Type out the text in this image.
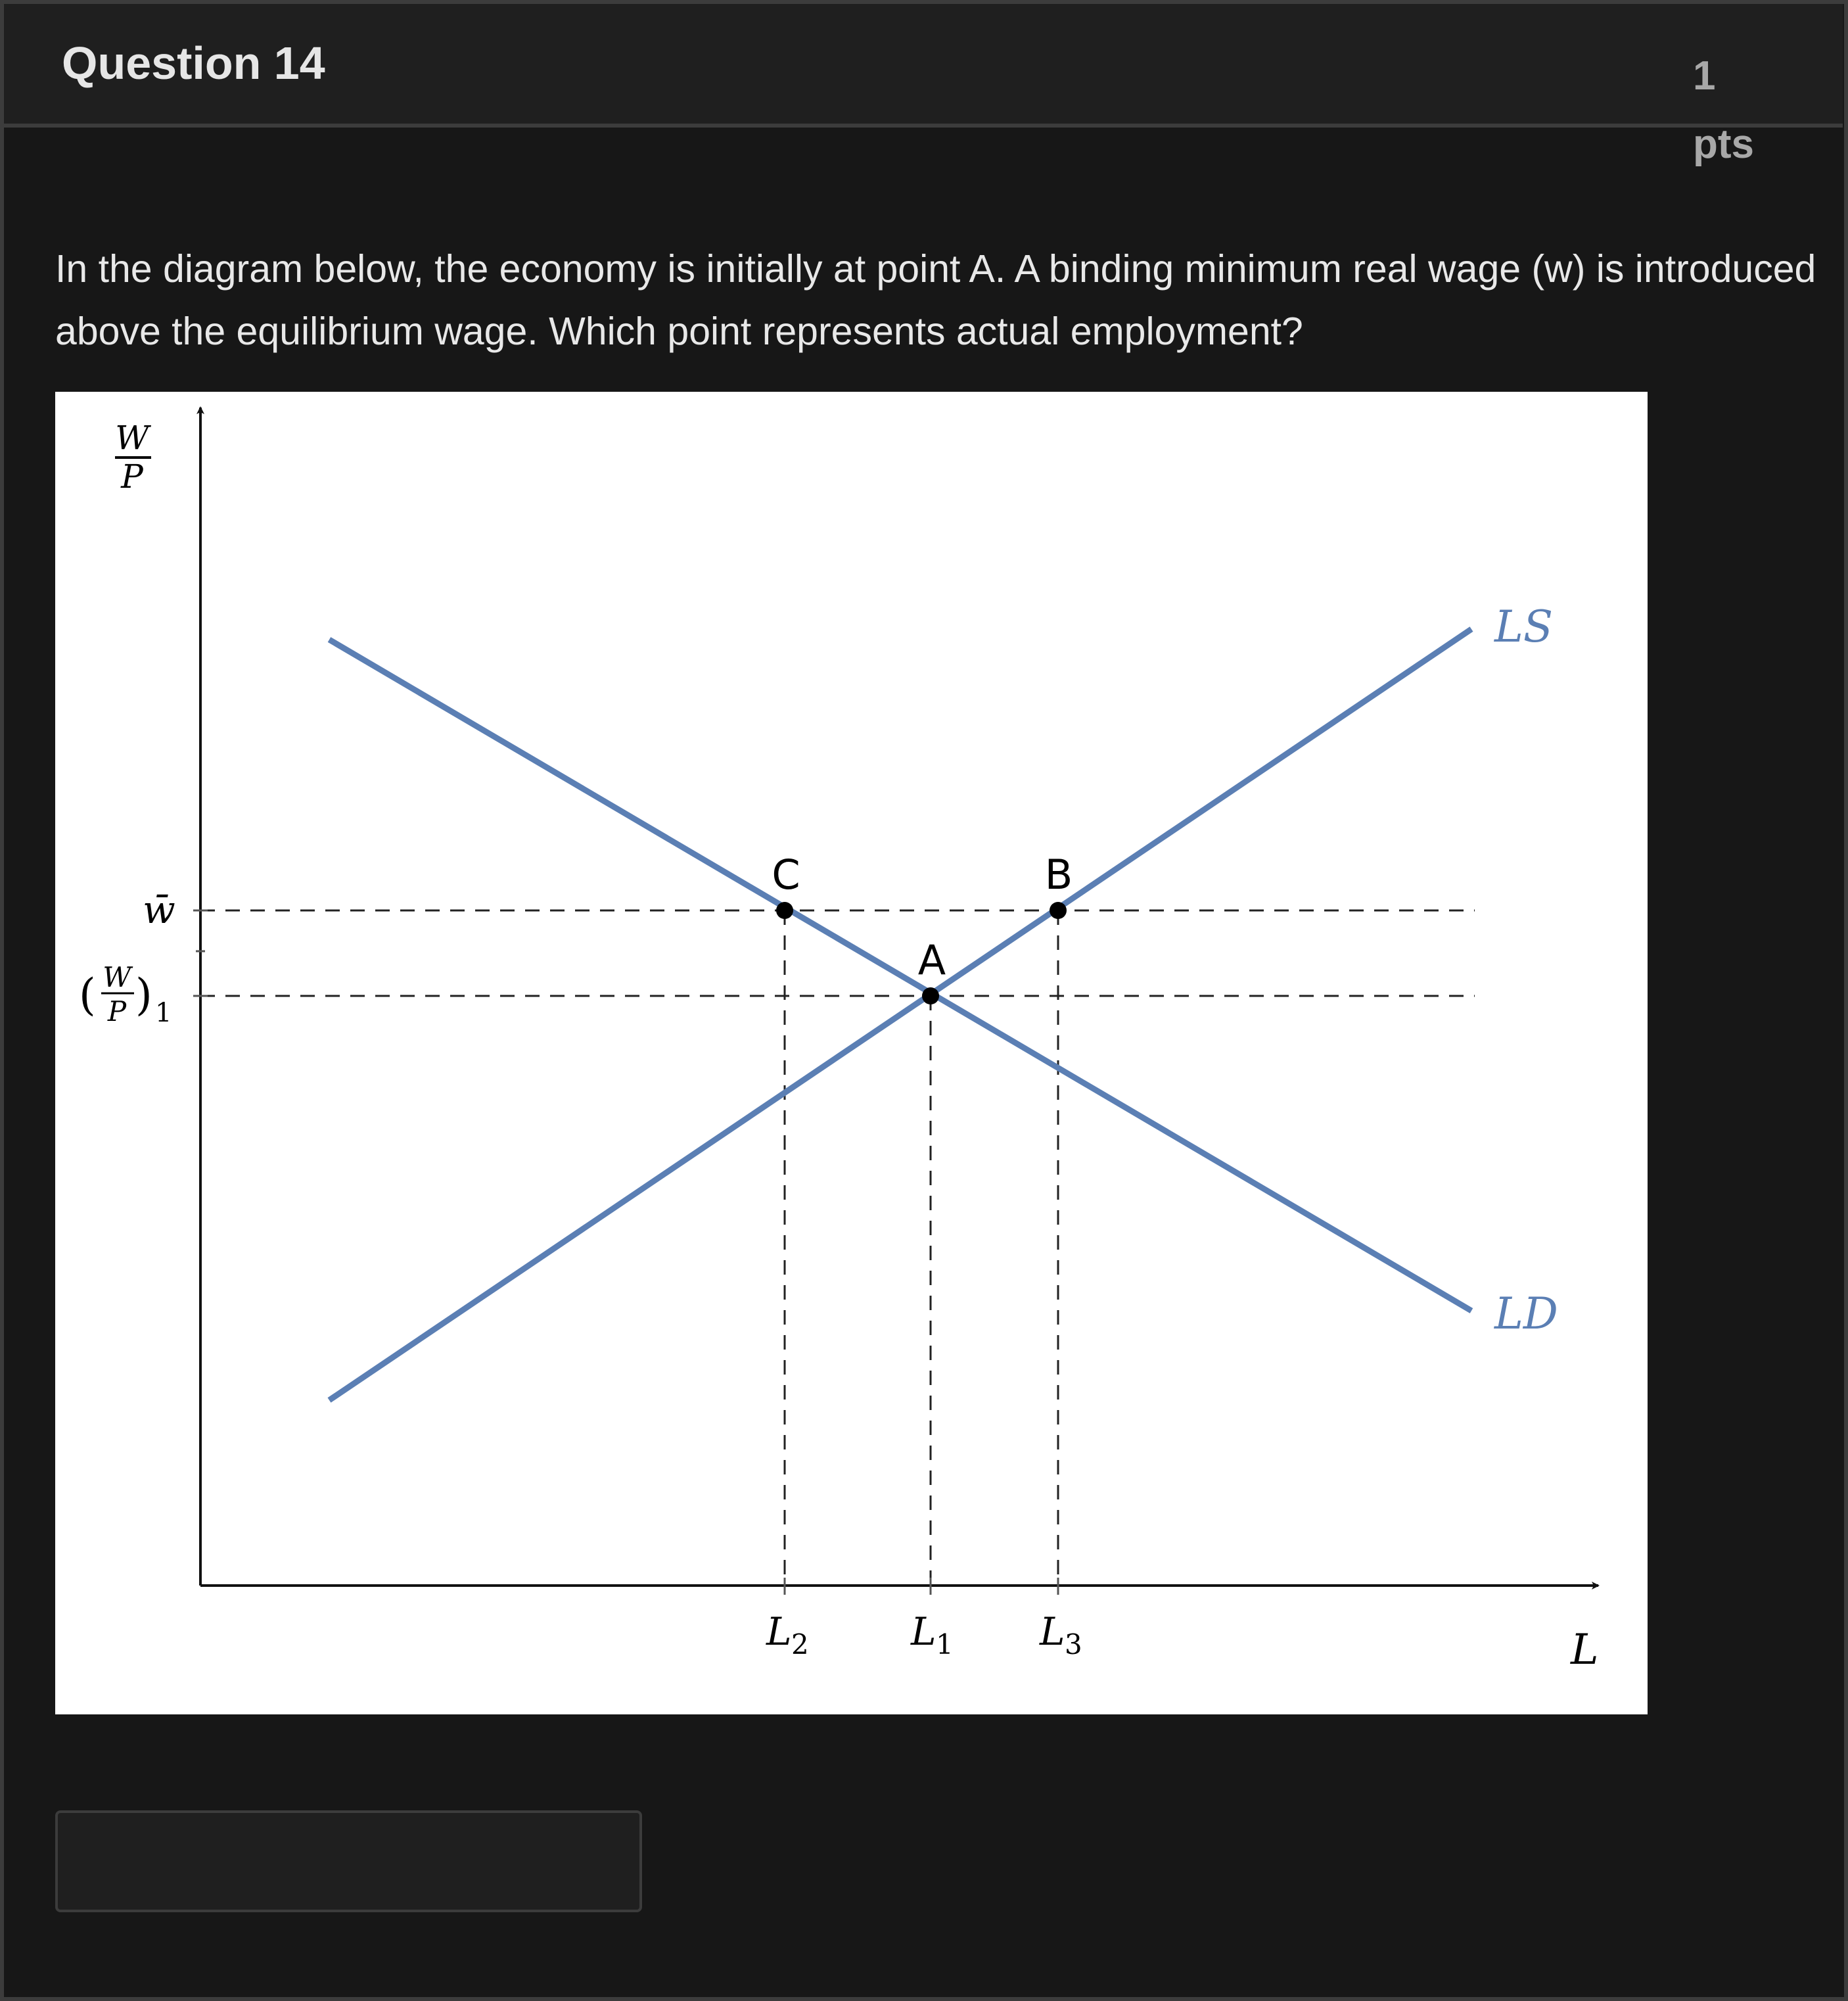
Question 14	1
pts
In the diagram below, the economy is initially at point A. A binding minimum real wage (w) is introduced above the equilibrium wage. Which point represents actual employment?
C
A
B
LS
LD
W
P
w̄
( W
P ) 1
L 2	L 1 L 3	L
